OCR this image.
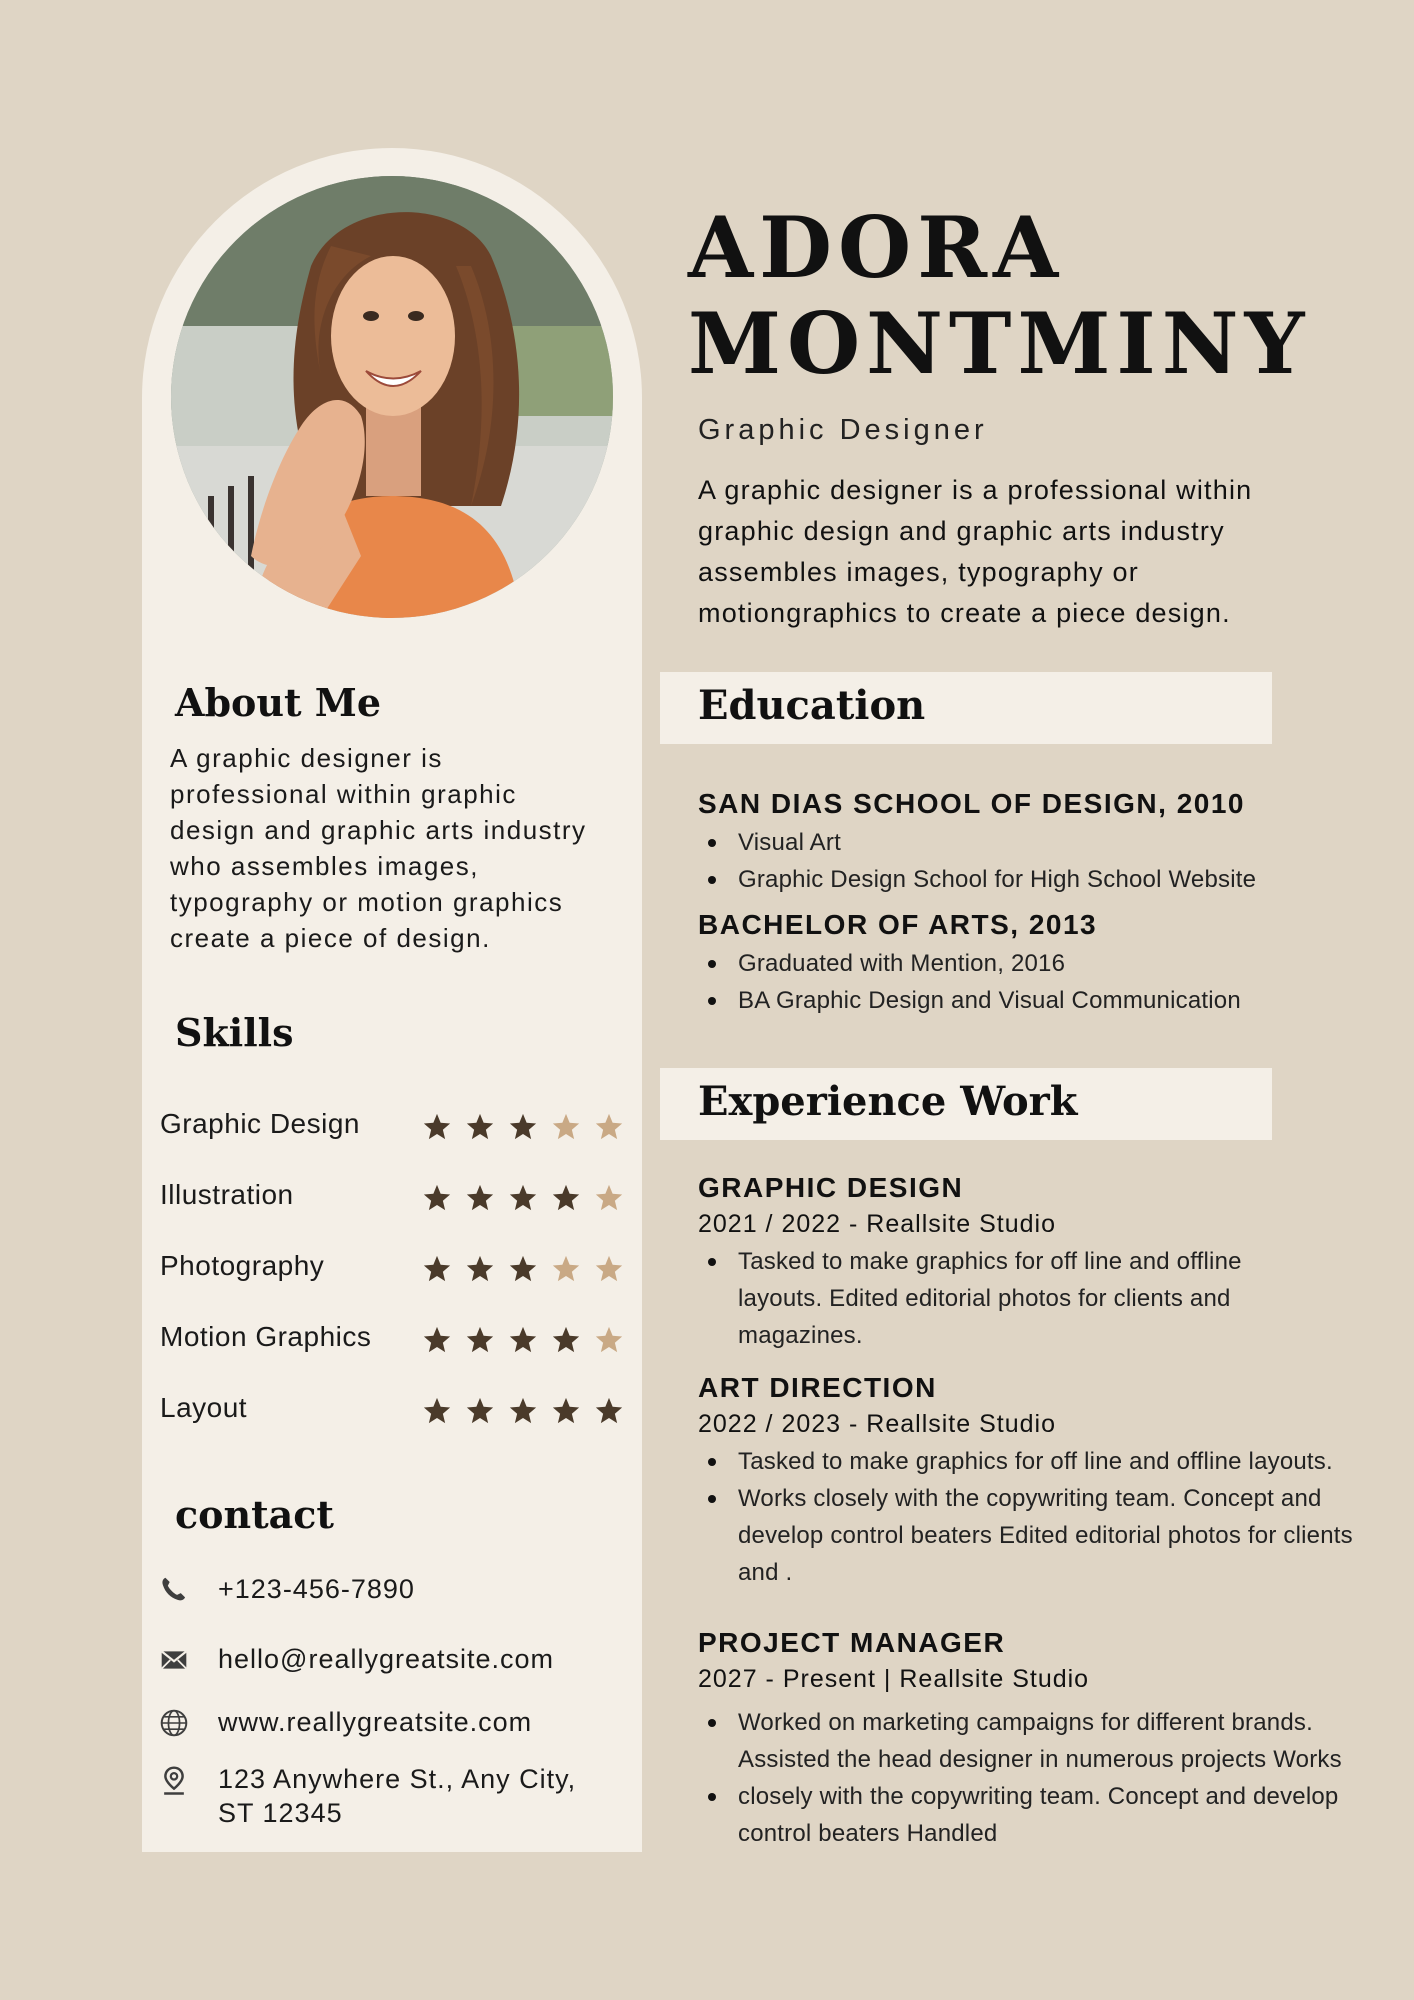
About Me
A graphic designer is professional within graphic design and graphic arts industry who assembles images, typography or motion graphics create a piece of design.
Skills
Graphic Design
Illustration
Photography
Motion Graphics
Layout
contact
+123-456-7890
hello@reallygreatsite.com
www.reallygreatsite.com
123 Anywhere St., Any City, ST 12345
ADORA
MONTMINY
Graphic Designer
A graphic designer is a professional within graphic design and graphic arts industry assembles images, typography or motiongraphics to create a piece design.
Education
SAN DIAS SCHOOL OF DESIGN, 2010
Visual Art
Graphic Design School for High School Website
BACHELOR OF ARTS, 2013
Graduated with Mention, 2016
BA Graphic Design and Visual Communication
Experience Work
GRAPHIC DESIGN
2021 / 2022 - Reallsite Studio
Tasked to make graphics for off line and offline layouts. Edited editorial photos for clients and magazines.
ART DIRECTION
2022 / 2023 - Reallsite Studio
Tasked to make graphics for off line and offline layouts.
Works closely with the copywriting team. Concept and develop control beaters Edited editorial photos for clients and .
PROJECT MANAGER
2027 - Present | Reallsite Studio
Worked on marketing campaigns for different brands. Assisted the head designer in numerous projects Works
closely with the copywriting team. Concept and develop control beaters Handled
